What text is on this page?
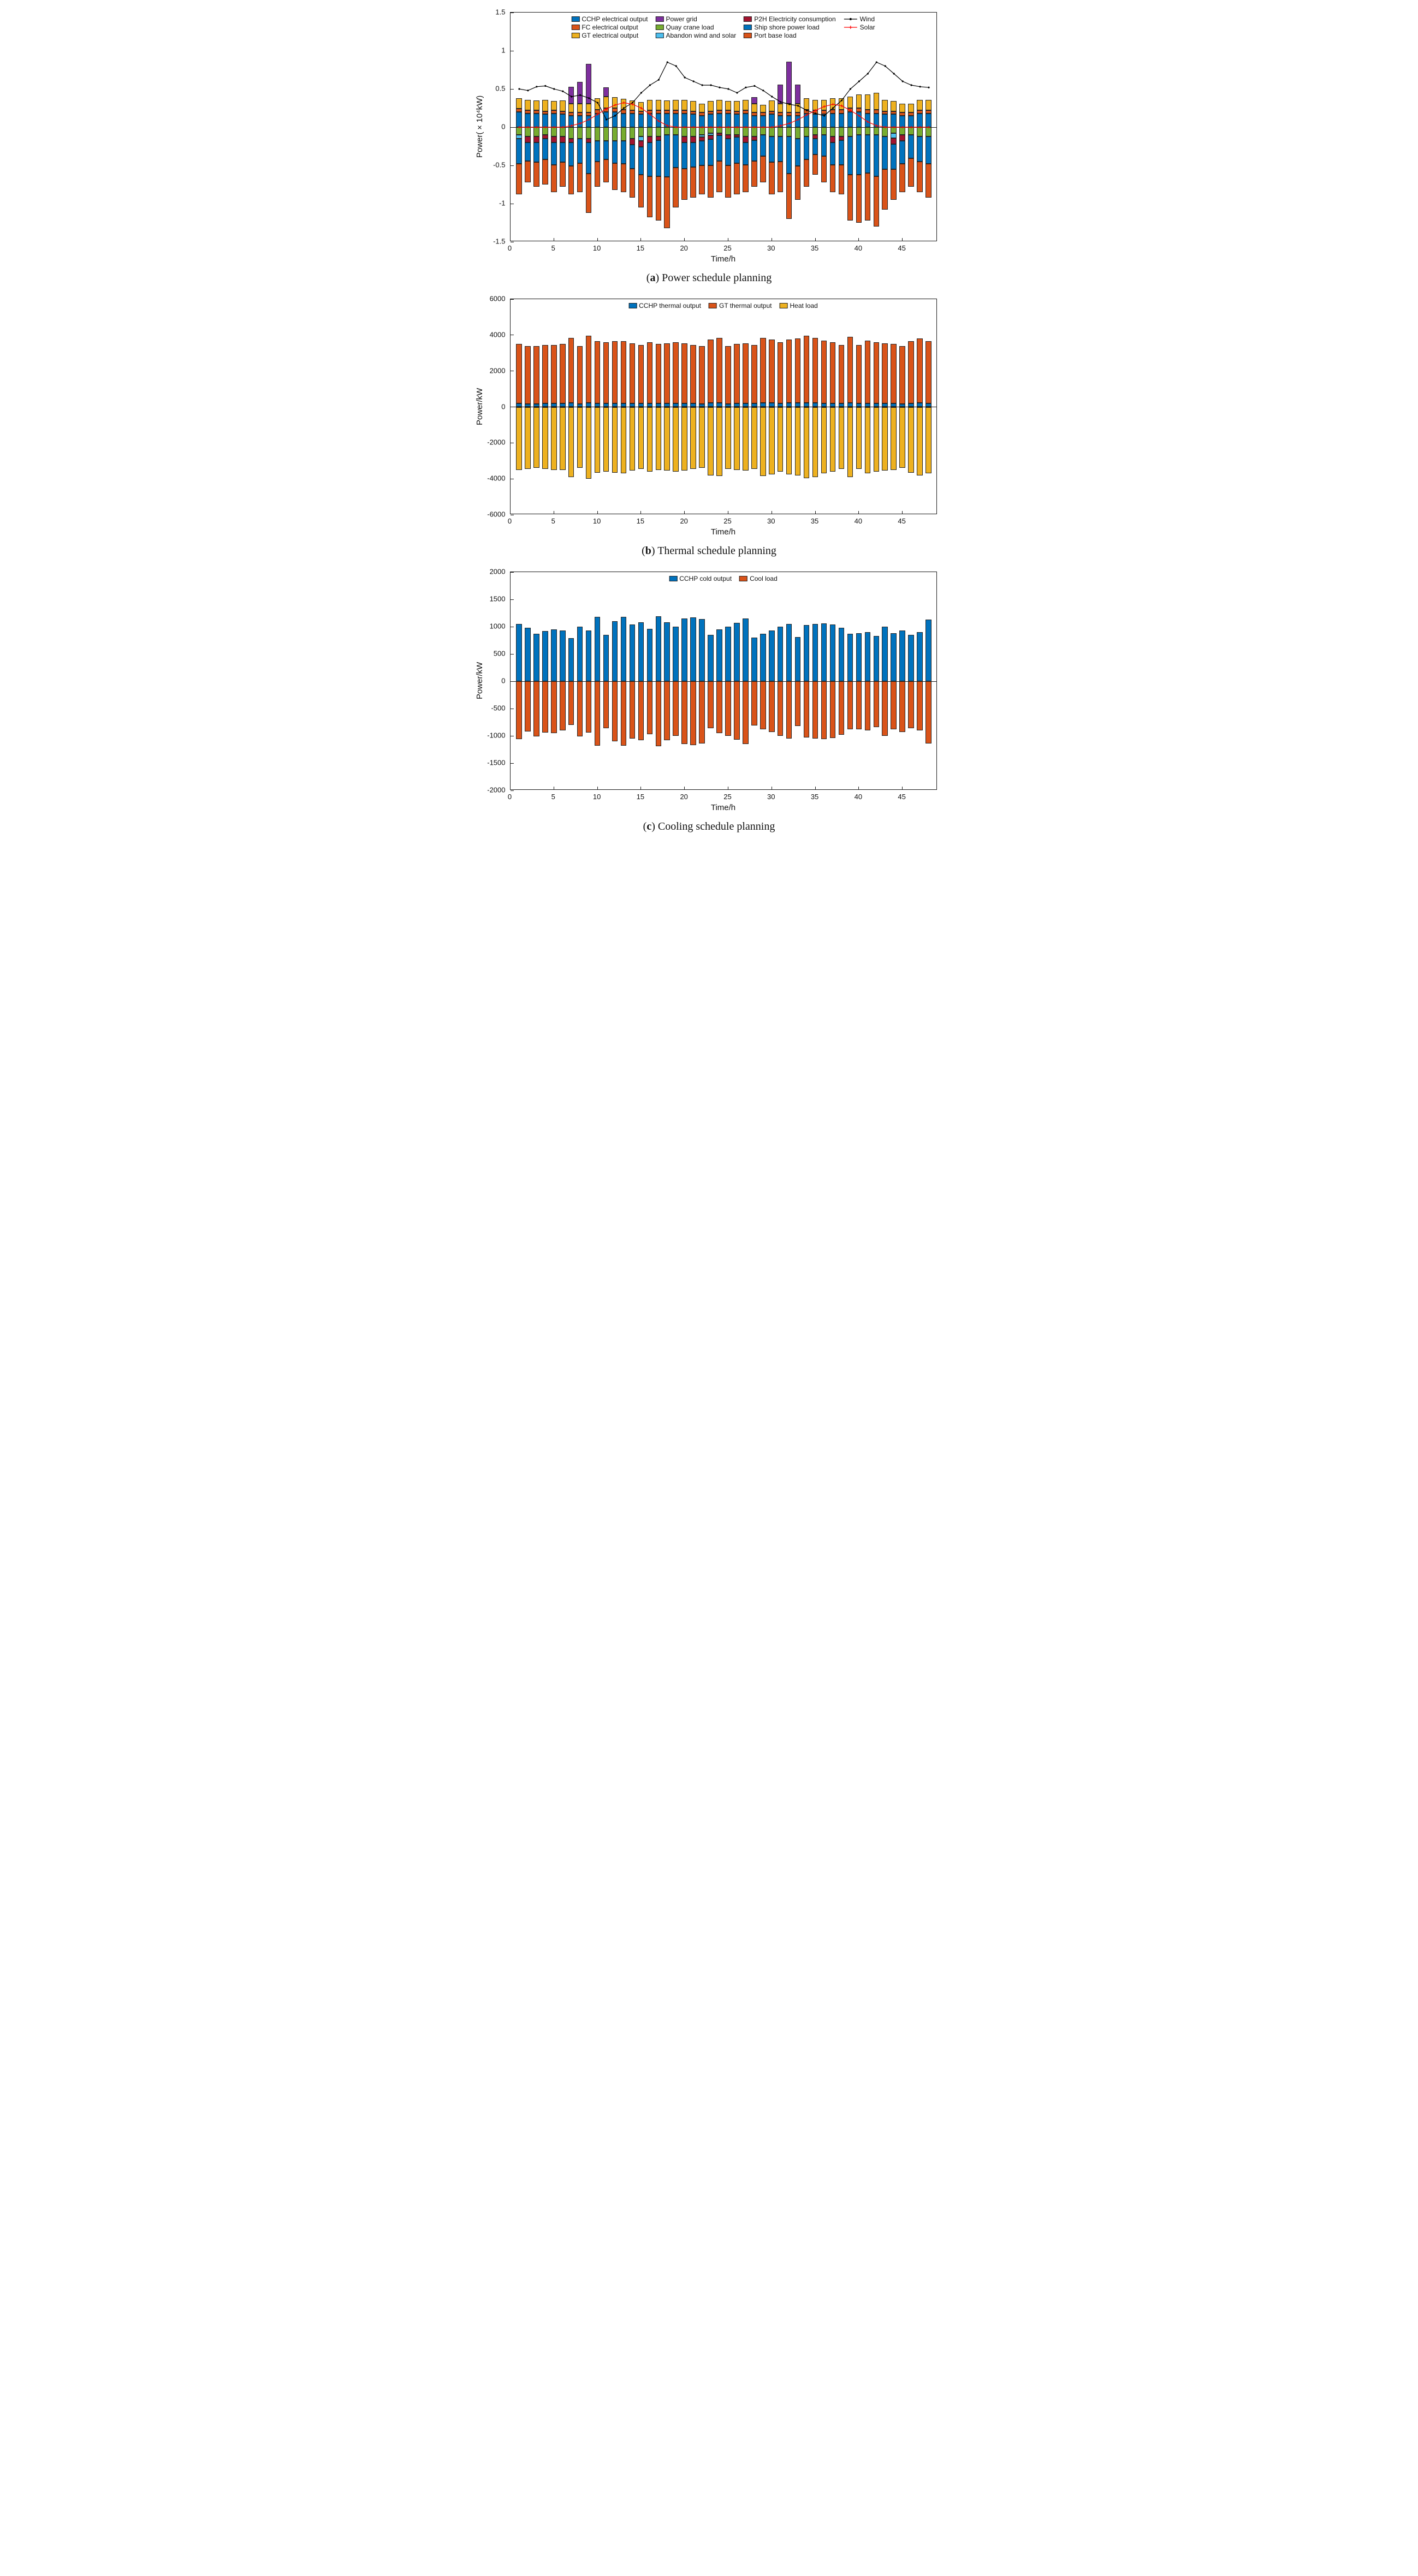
-1.5
-1
-0.5
0
0.5
1
1.5
0	5	10	15	20	25	30	35	40	45
Power(×10⁴kW)
Time/h
CCHP electrical output
FC electrical output
GT electrical output
Power grid
Quay crane load
Abandon wind and solar
P2H Electricity consumption
Ship shore power load
Port base load
Wind
Solar
(a) Power schedule planning
-6000
-4000
-2000
0
2000
4000
6000
0	5	10	15	20	25	30	35	40	45
Power/kW
Time/h
CCHP thermal output	GT thermal output	Heat load
(b) Thermal schedule planning
-2000
-1500
-1000
-500
0
500
1000
1500
2000
0	5	10	15	20	25	30	35	40	45
Power/kW
Time/h
CCHP cold output	Cool load
(c) Cooling schedule planning
